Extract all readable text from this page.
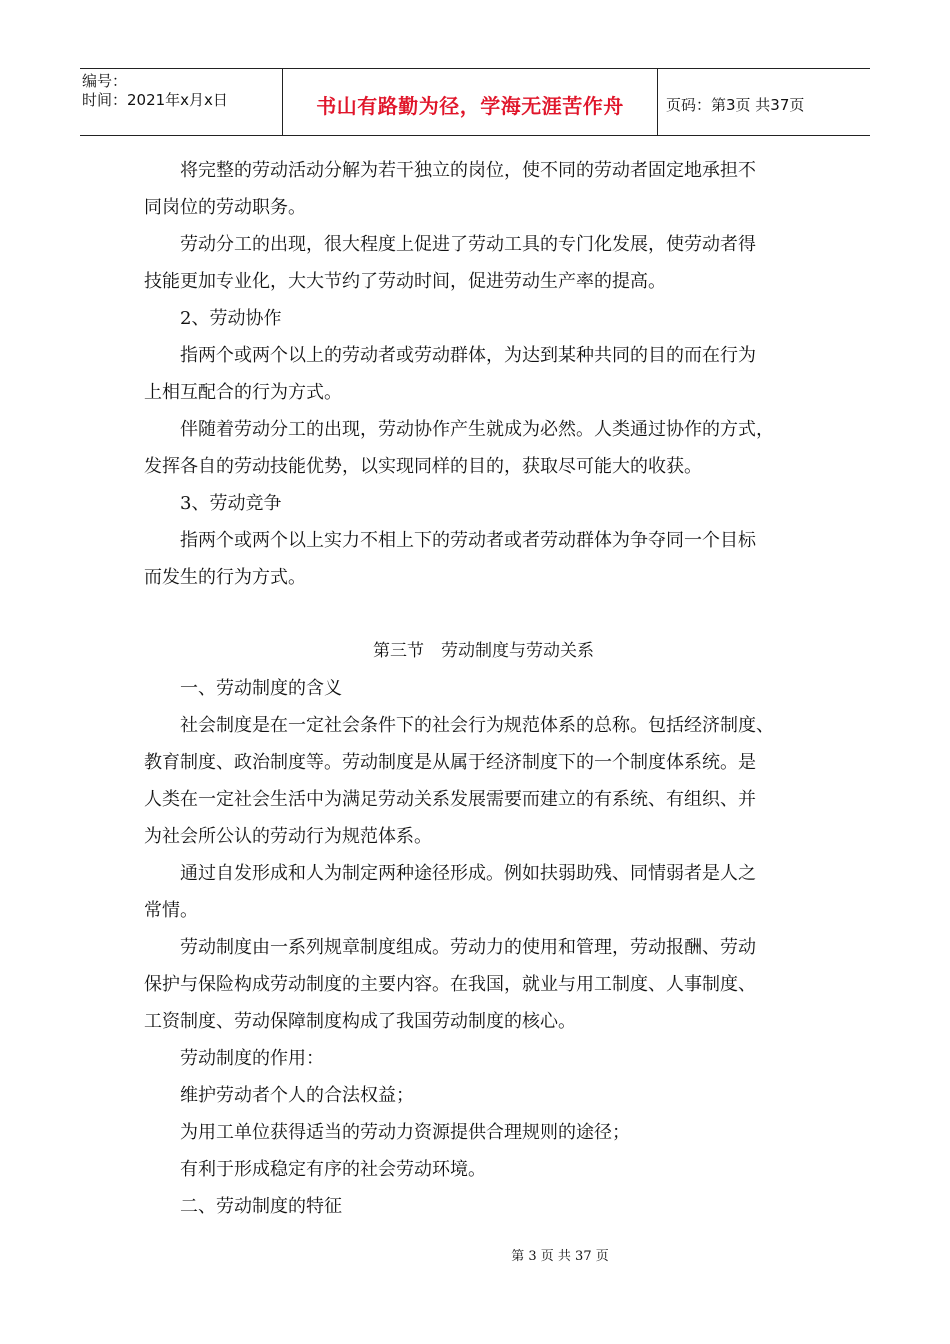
编号：
时间：2021年x月x日	书山有路勤为径，学海无涯苦作舟	页码：第3页 共37页
将完整的劳动活动分解为若干独立的岗位，使不同的劳动者固定地承担不
同岗位的劳动职务。
劳动分工的出现，很大程度上促进了劳动工具的专门化发展，使劳动者得
技能更加专业化，大大节约了劳动时间，促进劳动生产率的提高。
2、劳动协作
指两个或两个以上的劳动者或劳动群体，为达到某种共同的目的而在行为
上相互配合的行为方式。
伴随着劳动分工的出现，劳动协作产生就成为必然。人类通过协作的方式，
发挥各自的劳动技能优势，以实现同样的目的，获取尽可能大的收获。
3、劳动竞争
指两个或两个以上实力不相上下的劳动者或者劳动群体为争夺同一个目标
而发生的行为方式。
第三节　劳动制度与劳动关系
一、劳动制度的含义
社会制度是在一定社会条件下的社会行为规范体系的总称。包括经济制度、
教育制度、政治制度等。劳动制度是从属于经济制度下的一个制度体系统。是
人类在一定社会生活中为满足劳动关系发展需要而建立的有系统、有组织、并
为社会所公认的劳动行为规范体系。
通过自发形成和人为制定两种途径形成。例如扶弱助残、同情弱者是人之
常情。
劳动制度由一系列规章制度组成。劳动力的使用和管理，劳动报酬、劳动
保护与保险构成劳动制度的主要内容。在我国，就业与用工制度、人事制度、
工资制度、劳动保障制度构成了我国劳动制度的核心。
劳动制度的作用：
维护劳动者个人的合法权益；
为用工单位获得适当的劳动力资源提供合理规则的途径；
有利于形成稳定有序的社会劳动环境。
二、劳动制度的特征
第 3 页 共 37 页
